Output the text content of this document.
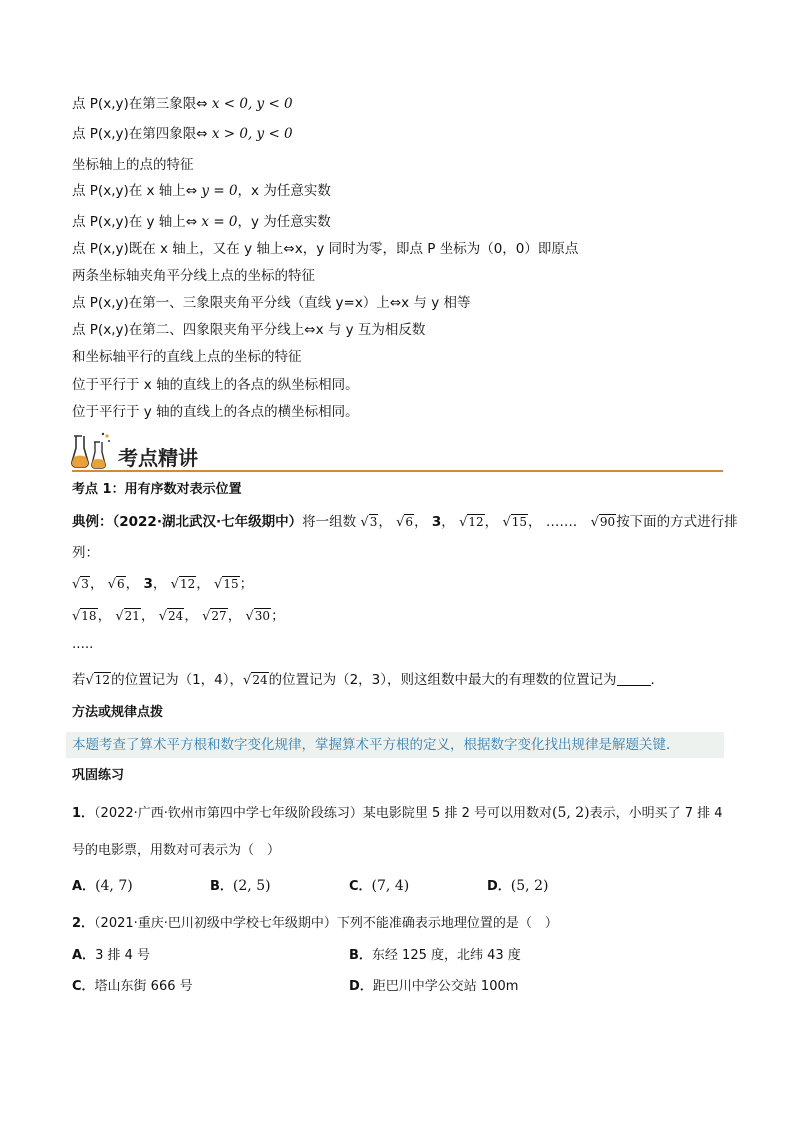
点 P(x,y)在第三象限⇔ x < 0, y < 0
点 P(x,y)在第四象限⇔ x > 0, y < 0
坐标轴上的点的特征
点 P(x,y)在 x 轴上⇔ y = 0，x 为任意实数
点 P(x,y)在 y 轴上⇔ x = 0，y 为任意实数
点 P(x,y)既在 x 轴上，又在 y 轴上⇔x，y 同时为零，即点 P 坐标为（0，0）即原点
两条坐标轴夹角平分线上点的坐标的特征
点 P(x,y)在第一、三象限夹角平分线（直线 y=x）上⇔x 与 y 相等
点 P(x,y)在第二、四象限夹角平分线上⇔x 与 y 互为相反数
和坐标轴平行的直线上点的坐标的特征
位于平行于 x 轴的直线上的各点的纵坐标相同。
位于平行于 y 轴的直线上的各点的横坐标相同。
考点精讲
考点 1：用有序数对表示位置
典例：（2022·湖北武汉·七年级期中）将一组数 √3， √6， 3， √12， √15， ……． √90按下面的方式进行排
列：
√3， √6， 3， √12， √15；
√18， √21， √24， √27， √30；
·····
若√12的位置记为（1，4），√24的位置记为（2，3），则这组数中最大的有理数的位置记为	．
方法或规律点拨
本题考查了算术平方根和数字变化规律，掌握算术平方根的定义，根据数字变化找出规律是解题关键．
巩固练习
1．（2022·广西·钦州市第四中学七年级阶段练习）某电影院里 5 排 2 号可以用数对(5, 2)表示，小明买了 7 排 4
号的电影票，用数对可表示为（　）
A．(4, 7)	B．(2, 5)	C．(7, 4)	D．(5, 2)
2．（2021·重庆·巴川初级中学校七年级期中）下列不能准确表示地理位置的是（　）
A．3 排 4 号	B．东经 125 度，北纬 43 度
C．塔山东街 666 号	D．距巴川中学公交站 100m
